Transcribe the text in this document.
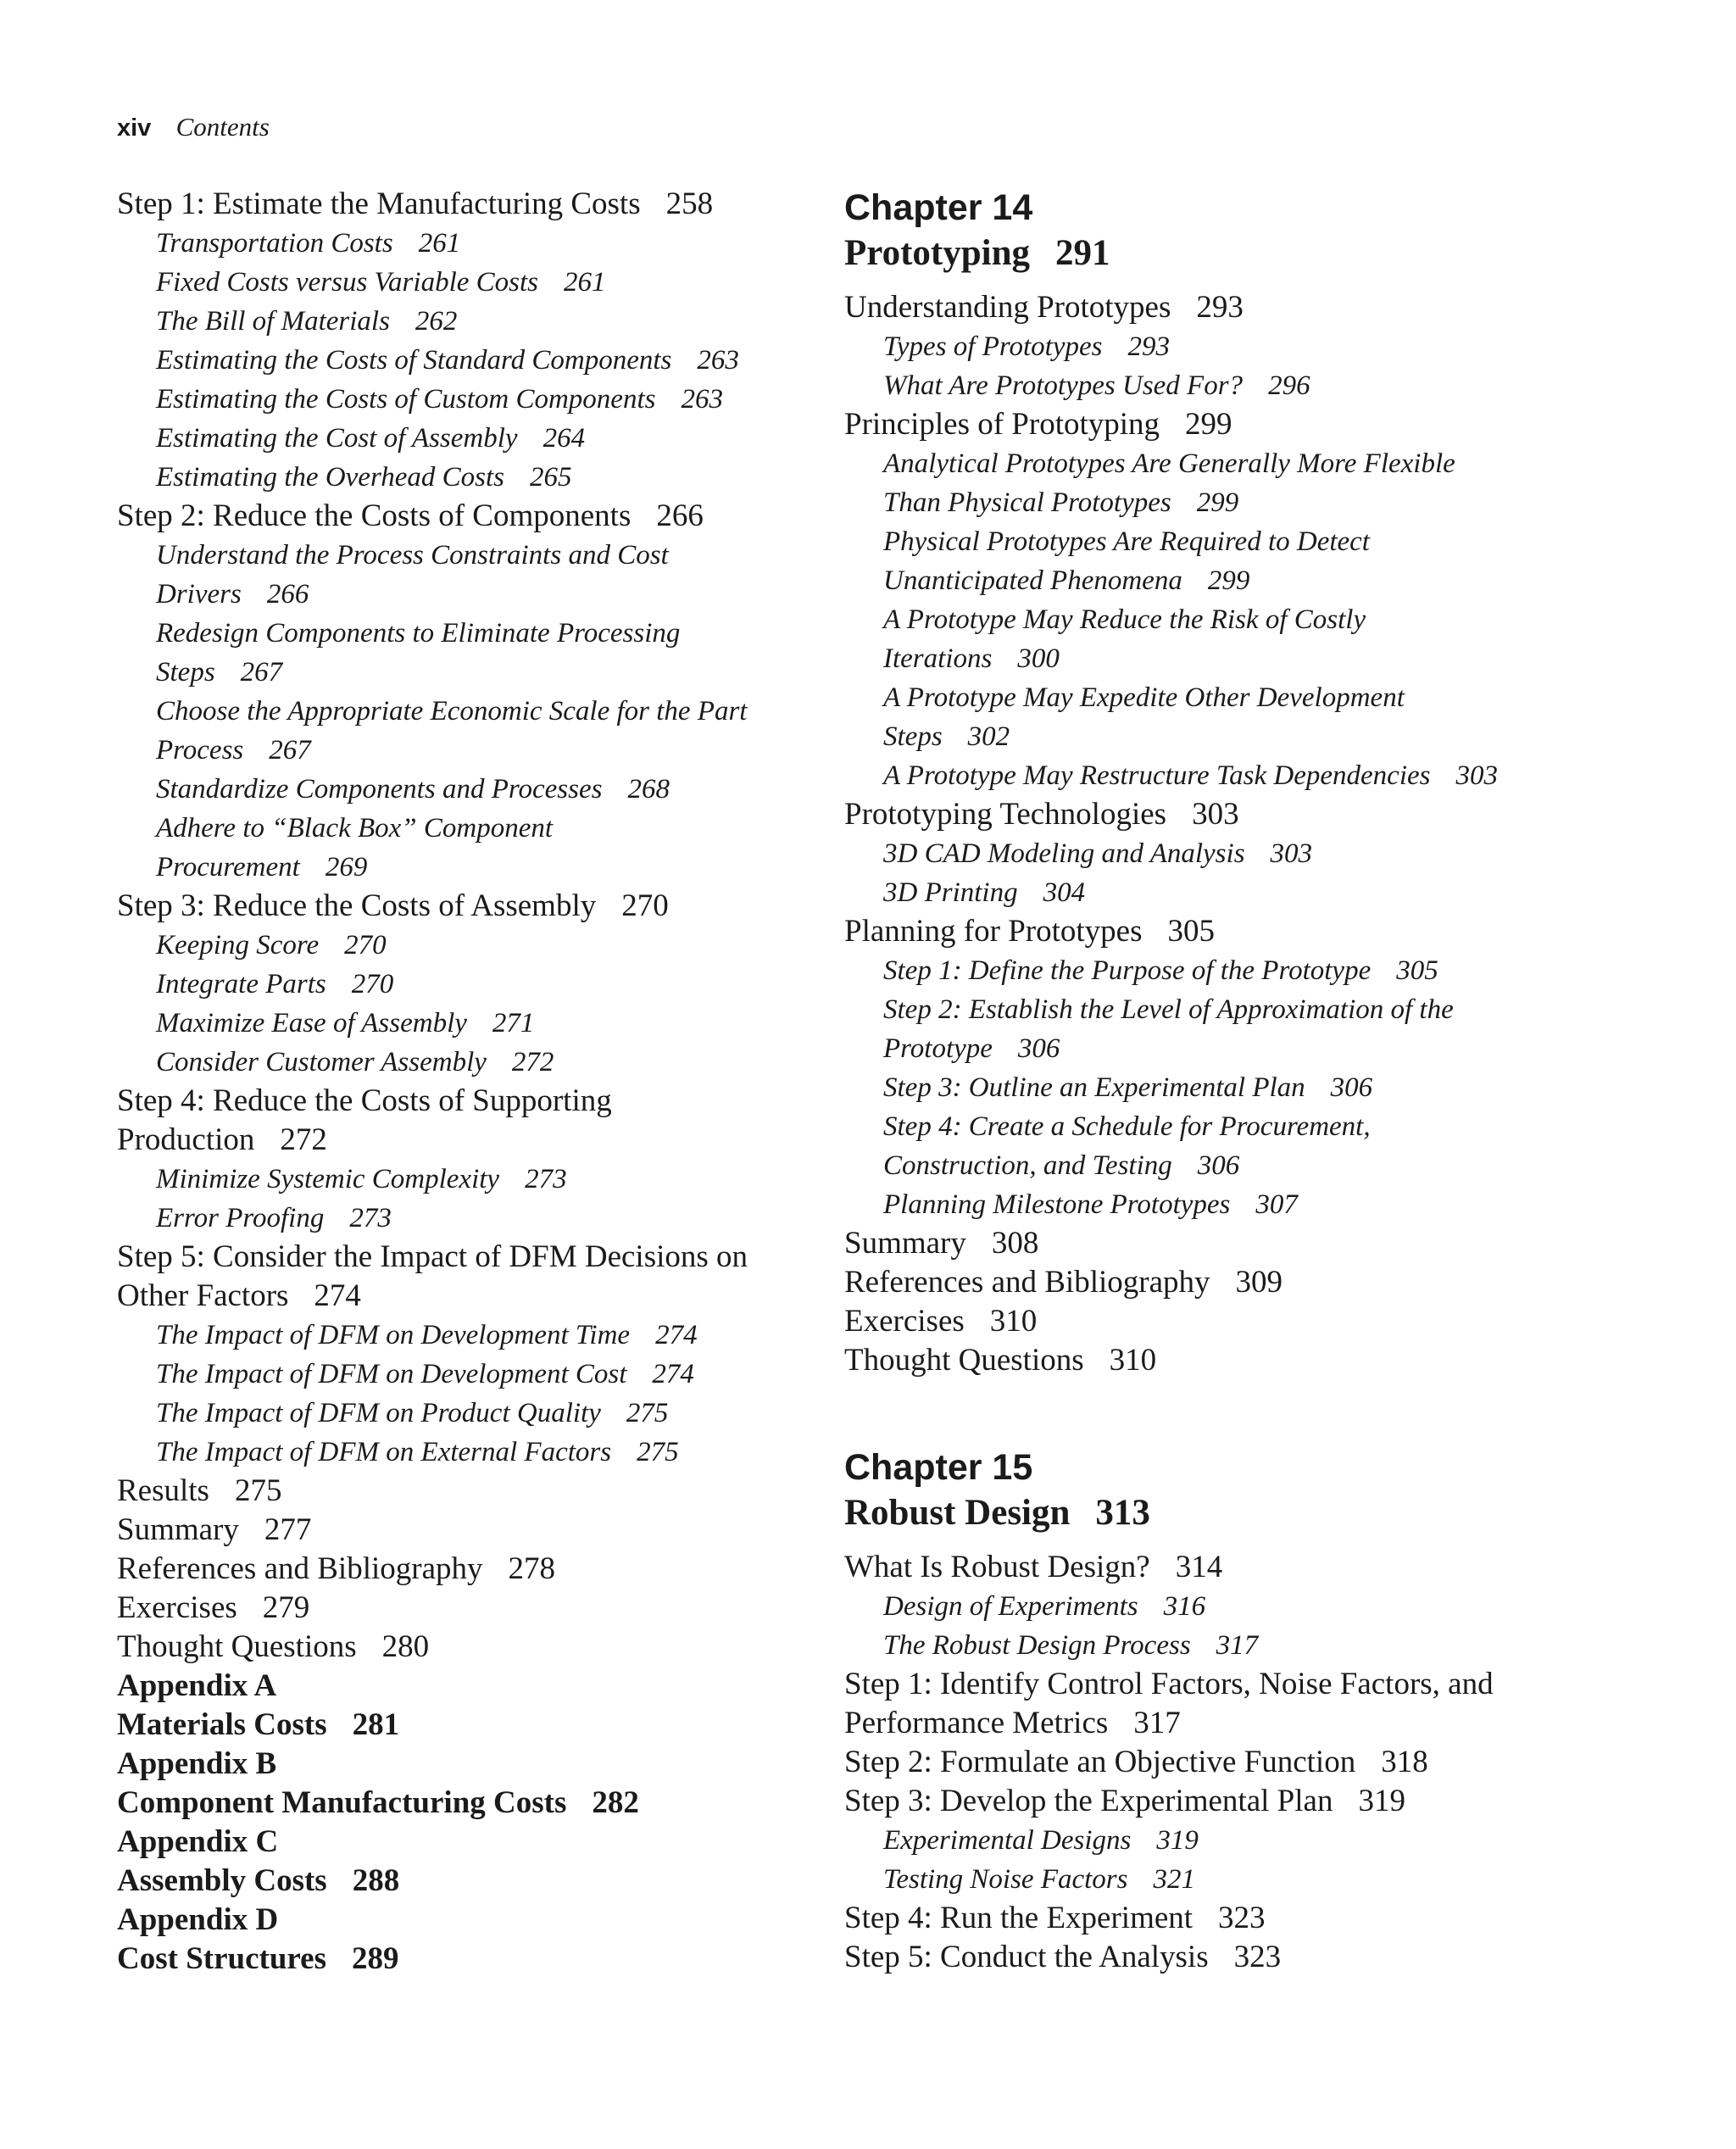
xiv Contents
Step 1: Estimate the Manufacturing Costs 258
Transportation Costs 261
Fixed Costs versus Variable Costs 261
The Bill of Materials 262
Estimating the Costs of Standard Components 263
Estimating the Costs of Custom Components 263
Estimating the Cost of Assembly 264
Estimating the Overhead Costs 265
Step 2: Reduce the Costs of Components 266
Understand the Process Constraints and Cost
Drivers 266
Redesign Components to Eliminate Processing
Steps 267
Choose the Appropriate Economic Scale for the Part
Process 267
Standardize Components and Processes 268
Adhere to “Black Box” Component
Procurement 269
Step 3: Reduce the Costs of Assembly 270
Keeping Score 270
Integrate Parts 270
Maximize Ease of Assembly 271
Consider Customer Assembly 272
Step 4: Reduce the Costs of Supporting
Production 272
Minimize Systemic Complexity 273
Error Proofing 273
Step 5: Consider the Impact of DFM Decisions on
Other Factors 274
The Impact of DFM on Development Time 274
The Impact of DFM on Development Cost 274
The Impact of DFM on Product Quality 275
The Impact of DFM on External Factors 275
Results 275
Summary 277
References and Bibliography 278
Exercises 279
Thought Questions 280
Appendix A
Materials Costs 281
Appendix B
Component Manufacturing Costs 282
Appendix C
Assembly Costs 288
Appendix D
Cost Structures 289
Chapter 14
Prototyping 291
Understanding Prototypes 293
Types of Prototypes 293
What Are Prototypes Used For? 296
Principles of Prototyping 299
Analytical Prototypes Are Generally More Flexible
Than Physical Prototypes 299
Physical Prototypes Are Required to Detect
Unanticipated Phenomena 299
A Prototype May Reduce the Risk of Costly
Iterations 300
A Prototype May Expedite Other Development
Steps 302
A Prototype May Restructure Task Dependencies 303
Prototyping Technologies 303
3D CAD Modeling and Analysis 303
3D Printing 304
Planning for Prototypes 305
Step 1: Define the Purpose of the Prototype 305
Step 2: Establish the Level of Approximation of the
Prototype 306
Step 3: Outline an Experimental Plan 306
Step 4: Create a Schedule for Procurement,
Construction, and Testing 306
Planning Milestone Prototypes 307
Summary 308
References and Bibliography 309
Exercises 310
Thought Questions 310
Chapter 15
Robust Design 313
What Is Robust Design? 314
Design of Experiments 316
The Robust Design Process 317
Step 1: Identify Control Factors, Noise Factors, and
Performance Metrics 317
Step 2: Formulate an Objective Function 318
Step 3: Develop the Experimental Plan 319
Experimental Designs 319
Testing Noise Factors 321
Step 4: Run the Experiment 323
Step 5: Conduct the Analysis 323
